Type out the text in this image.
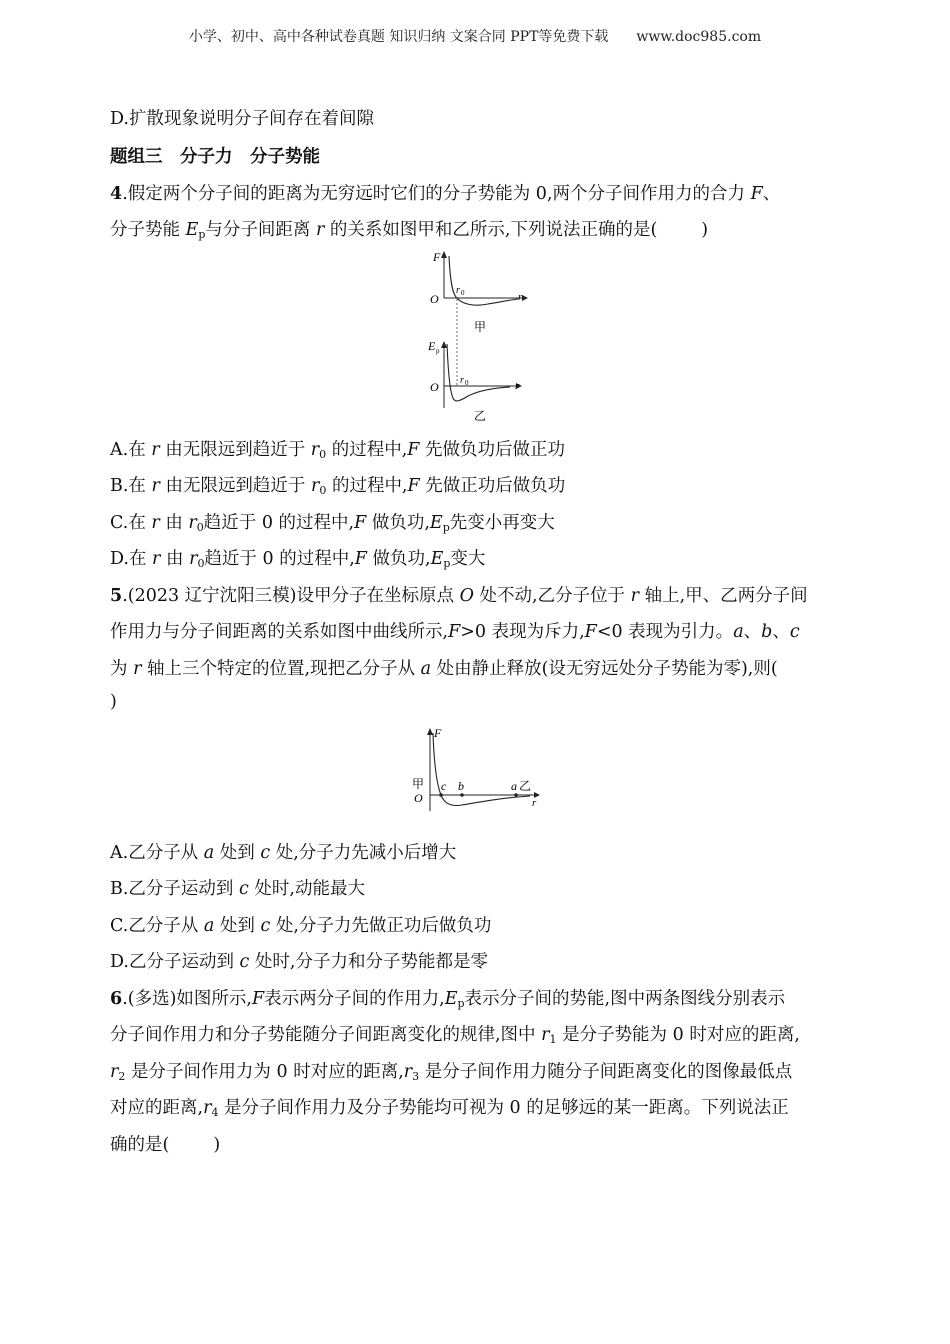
小学、初中、高中各种试卷真题 知识归纳 文案合同 PPT等免费下载 www.doc985.com
D.扩散现象说明分子间存在着间隙
题组三　分子力　分子势能
4.假定两个分子间的距离为无穷远时它们的分子势能为 0,两个分子间作用力的合力 F、
分子势能 $E_p$与分子间距离 r 的关系如图甲和乙所示,下列说法正确的是(	)
F
O
r 0	r
甲
E p
O r 0	r
乙
A.在 r 由无限远到趋近于 $r_0$ 的过程中,F 先做负功后做正功
B.在 r 由无限远到趋近于 $r_0$ 的过程中,F 先做正功后做负功
C.在 r 由 $r_0$趋近于 0 的过程中,F 做负功$,E_p$先变小再变大
D.在 r 由 $r_0$趋近于 0 的过程中,F 做负功$,E_p$变大
5.(2023 辽宁沈阳三模)设甲分子在坐标原点 O 处不动,乙分子位于 r 轴上,甲、乙两分子间
作用力与分子间距离的关系如图中曲线所示,F>0 表现为斥力,F<0 表现为引力。a、b、c
为 r 轴上三个特定的位置,现把乙分子从 a 处由静止释放(设无穷远处分子势能为零),则(
)
F
甲
O
c b	a 乙
r
A.乙分子从 a 处到 c 处,分子力先减小后增大
B.乙分子运动到 c 处时,动能最大
C.乙分子从 a 处到 c 处,分子力先做正功后做负功
D.乙分子运动到 c 处时,分子力和分子势能都是零
6.(多选)如图所示,F表示两分子间的作用力$,E_p$表示分子间的势能,图中两条图线分别表示
分子间作用力和分子势能随分子间距离变化的规律,图中 $r_1$ 是分子势能为 0 时对应的距离,
$r_2$ 是分子间作用力为 0 时对应的距离$,r_3$ 是分子间作用力随分子间距离变化的图像最低点
对应的距离$,r_4$ 是分子间作用力及分子势能均可视为 0 的足够远的某一距离。下列说法正
确的是(	)
